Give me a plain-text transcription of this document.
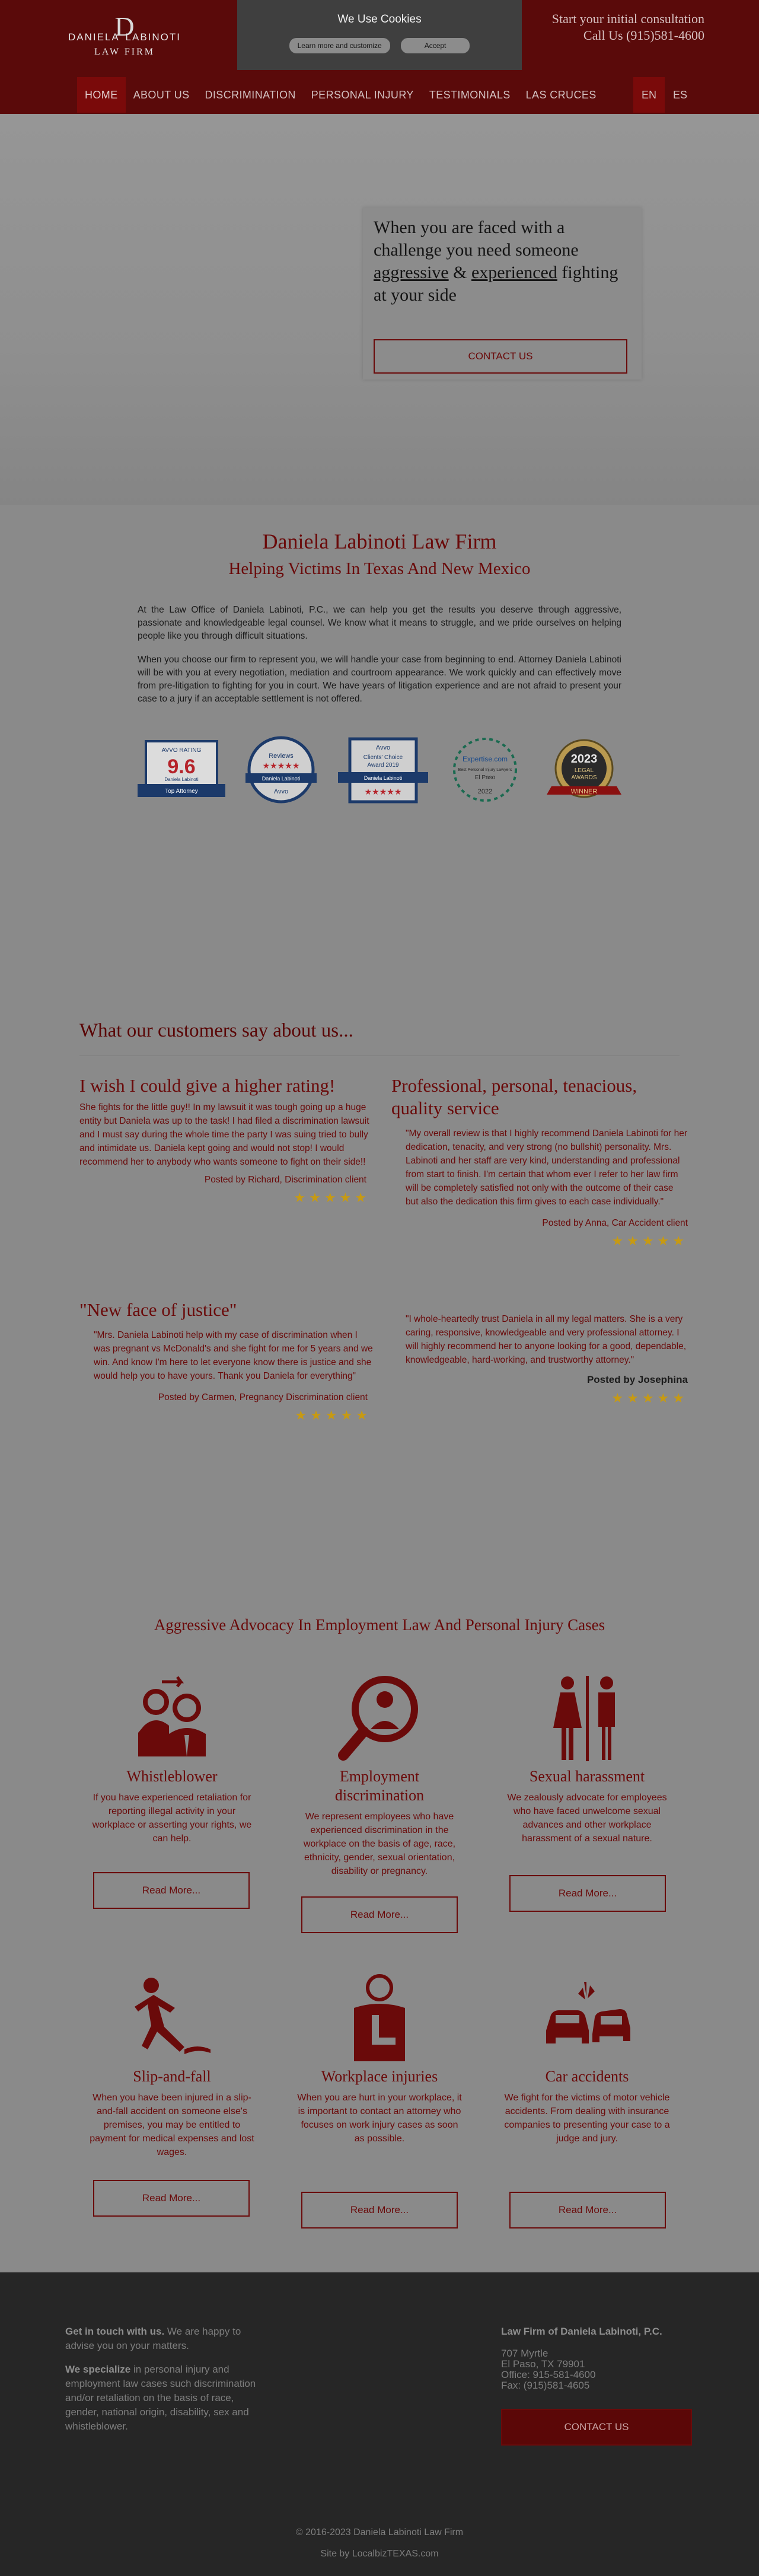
D
DANIELA LABINOTI
LAW FIRM
We Use Cookies
Learn more and customize	Accept
Start your initial consultation
Call Us (915)581-4600
HOME	ABOUT US	DISCRIMINATION	PERSONAL INJURY	TESTIMONIALS	LAS CRUCES	EN	ES
When you are faced with a challenge you need someone aggressive & experienced fighting at your side
CONTACT US
Daniela Labinoti Law Firm
Helping Victims In Texas And New Mexico
At the Law Office of Daniela Labinoti, P.C., we can help you get the results you deserve through aggressive, passionate and knowledgeable legal counsel. We know what it means to struggle, and we pride ourselves on helping people like you through difficult situations.
When you choose our firm to represent you, we will handle your case from beginning to end. Attorney Daniela Labinoti will be with you at every negotiation, mediation and courtroom appearance. We work quickly and can effectively move from pre-litigation to fighting for you in court. We have years of litigation experience and are not afraid to present your case to a jury if an acceptable settlement is not offered.
AVVO RATING
9.6
Daniela Labinoti
Top Attorney
Reviews
★★★★★
Daniela Labinoti
Avvo
Avvo
Clients' Choice
Award 2019
Daniela Labinoti
★★★★★
Expertise.com
Best Personal Injury Lawyers
El Paso
2022
2023
LEGAL
AWARDS
WINNER
What our customers say about us...
I wish I could give a higher rating!
She fights for the little guy!! In my lawsuit it was tough going up a huge entity but Daniela was up to the task! I had filed a discrimination lawsuit and I must say during the whole time the party I was suing tried to bully and intimidate us. Daniela kept going and would not stop! I would recommend her to anybody who wants someone to fight on their side!!
Posted by Richard, Discrimination client
★★★★★
Professional, personal, tenacious, quality service
"My overall review is that I highly recommend Daniela Labinoti for her dedication, tenacity, and very strong (no bullshit) personality. Mrs. Labinoti and her staff are very kind, understanding and professional from start to finish. I'm certain that whom ever I refer to her law firm will be completely satisfied not only with the outcome of their case but also the dedication this firm gives to each case individually."
Posted by Anna, Car Accident client
★★★★★
"New face of justice"
"Mrs. Daniela Labinoti help with my case of discrimination when I was pregnant vs McDonald's and she fight for me for 5 years and we win. And know I'm here to let everyone know there is justice and she would help you to have yours. Thank you Daniela for everything"
Posted by Carmen, Pregnancy Discrimination client
★★★★★
"I whole-heartedly trust Daniela in all my legal matters. She is a very caring, responsive, knowledgeable and very professional attorney. I will highly recommend her to anyone looking for a good, dependable, knowledgeable, hard-working, and trustworthy attorney."
Posted by Josephina
★★★★★
Aggressive Advocacy In Employment Law And Personal Injury Cases
Whistleblower
If you have experienced retaliation for reporting illegal activity in your workplace or asserting your rights, we can help.
Read More...
Employment discrimination
We represent employees who have experienced discrimination in the workplace on the basis of age, race, ethnicity, gender, sexual orientation, disability or pregnancy.
Read More...
Sexual harassment
We zealously advocate for employees who have faced unwelcome sexual advances and other workplace harassment of a sexual nature.
Read More...
Slip-and-fall
When you have been injured in a slip-and-fall accident on someone else's premises, you may be entitled to payment for medical expenses and lost wages.
Read More...
Workplace injuries
When you are hurt in your workplace, it is important to contact an attorney who focuses on work injury cases as soon as possible.
Read More...
Car accidents
We fight for the victims of motor vehicle accidents. From dealing with insurance companies to presenting your case to a judge and jury.
Read More...
Get in touch with us. We are happy to advise you on your matters.
We specialize in personal injury and employment law cases such discrimination and/or retaliation on the basis of race, gender, national origin, disability, sex and whistleblower.
Law Firm of Daniela Labinoti, P.C.
707 Myrtle
El Paso, TX 79901
Office: 915-581-4600
Fax: (915)581-4605
CONTACT US
© 2016-2023 Daniela Labinoti Law Firm
Site by LocalbizTEXAS.com
